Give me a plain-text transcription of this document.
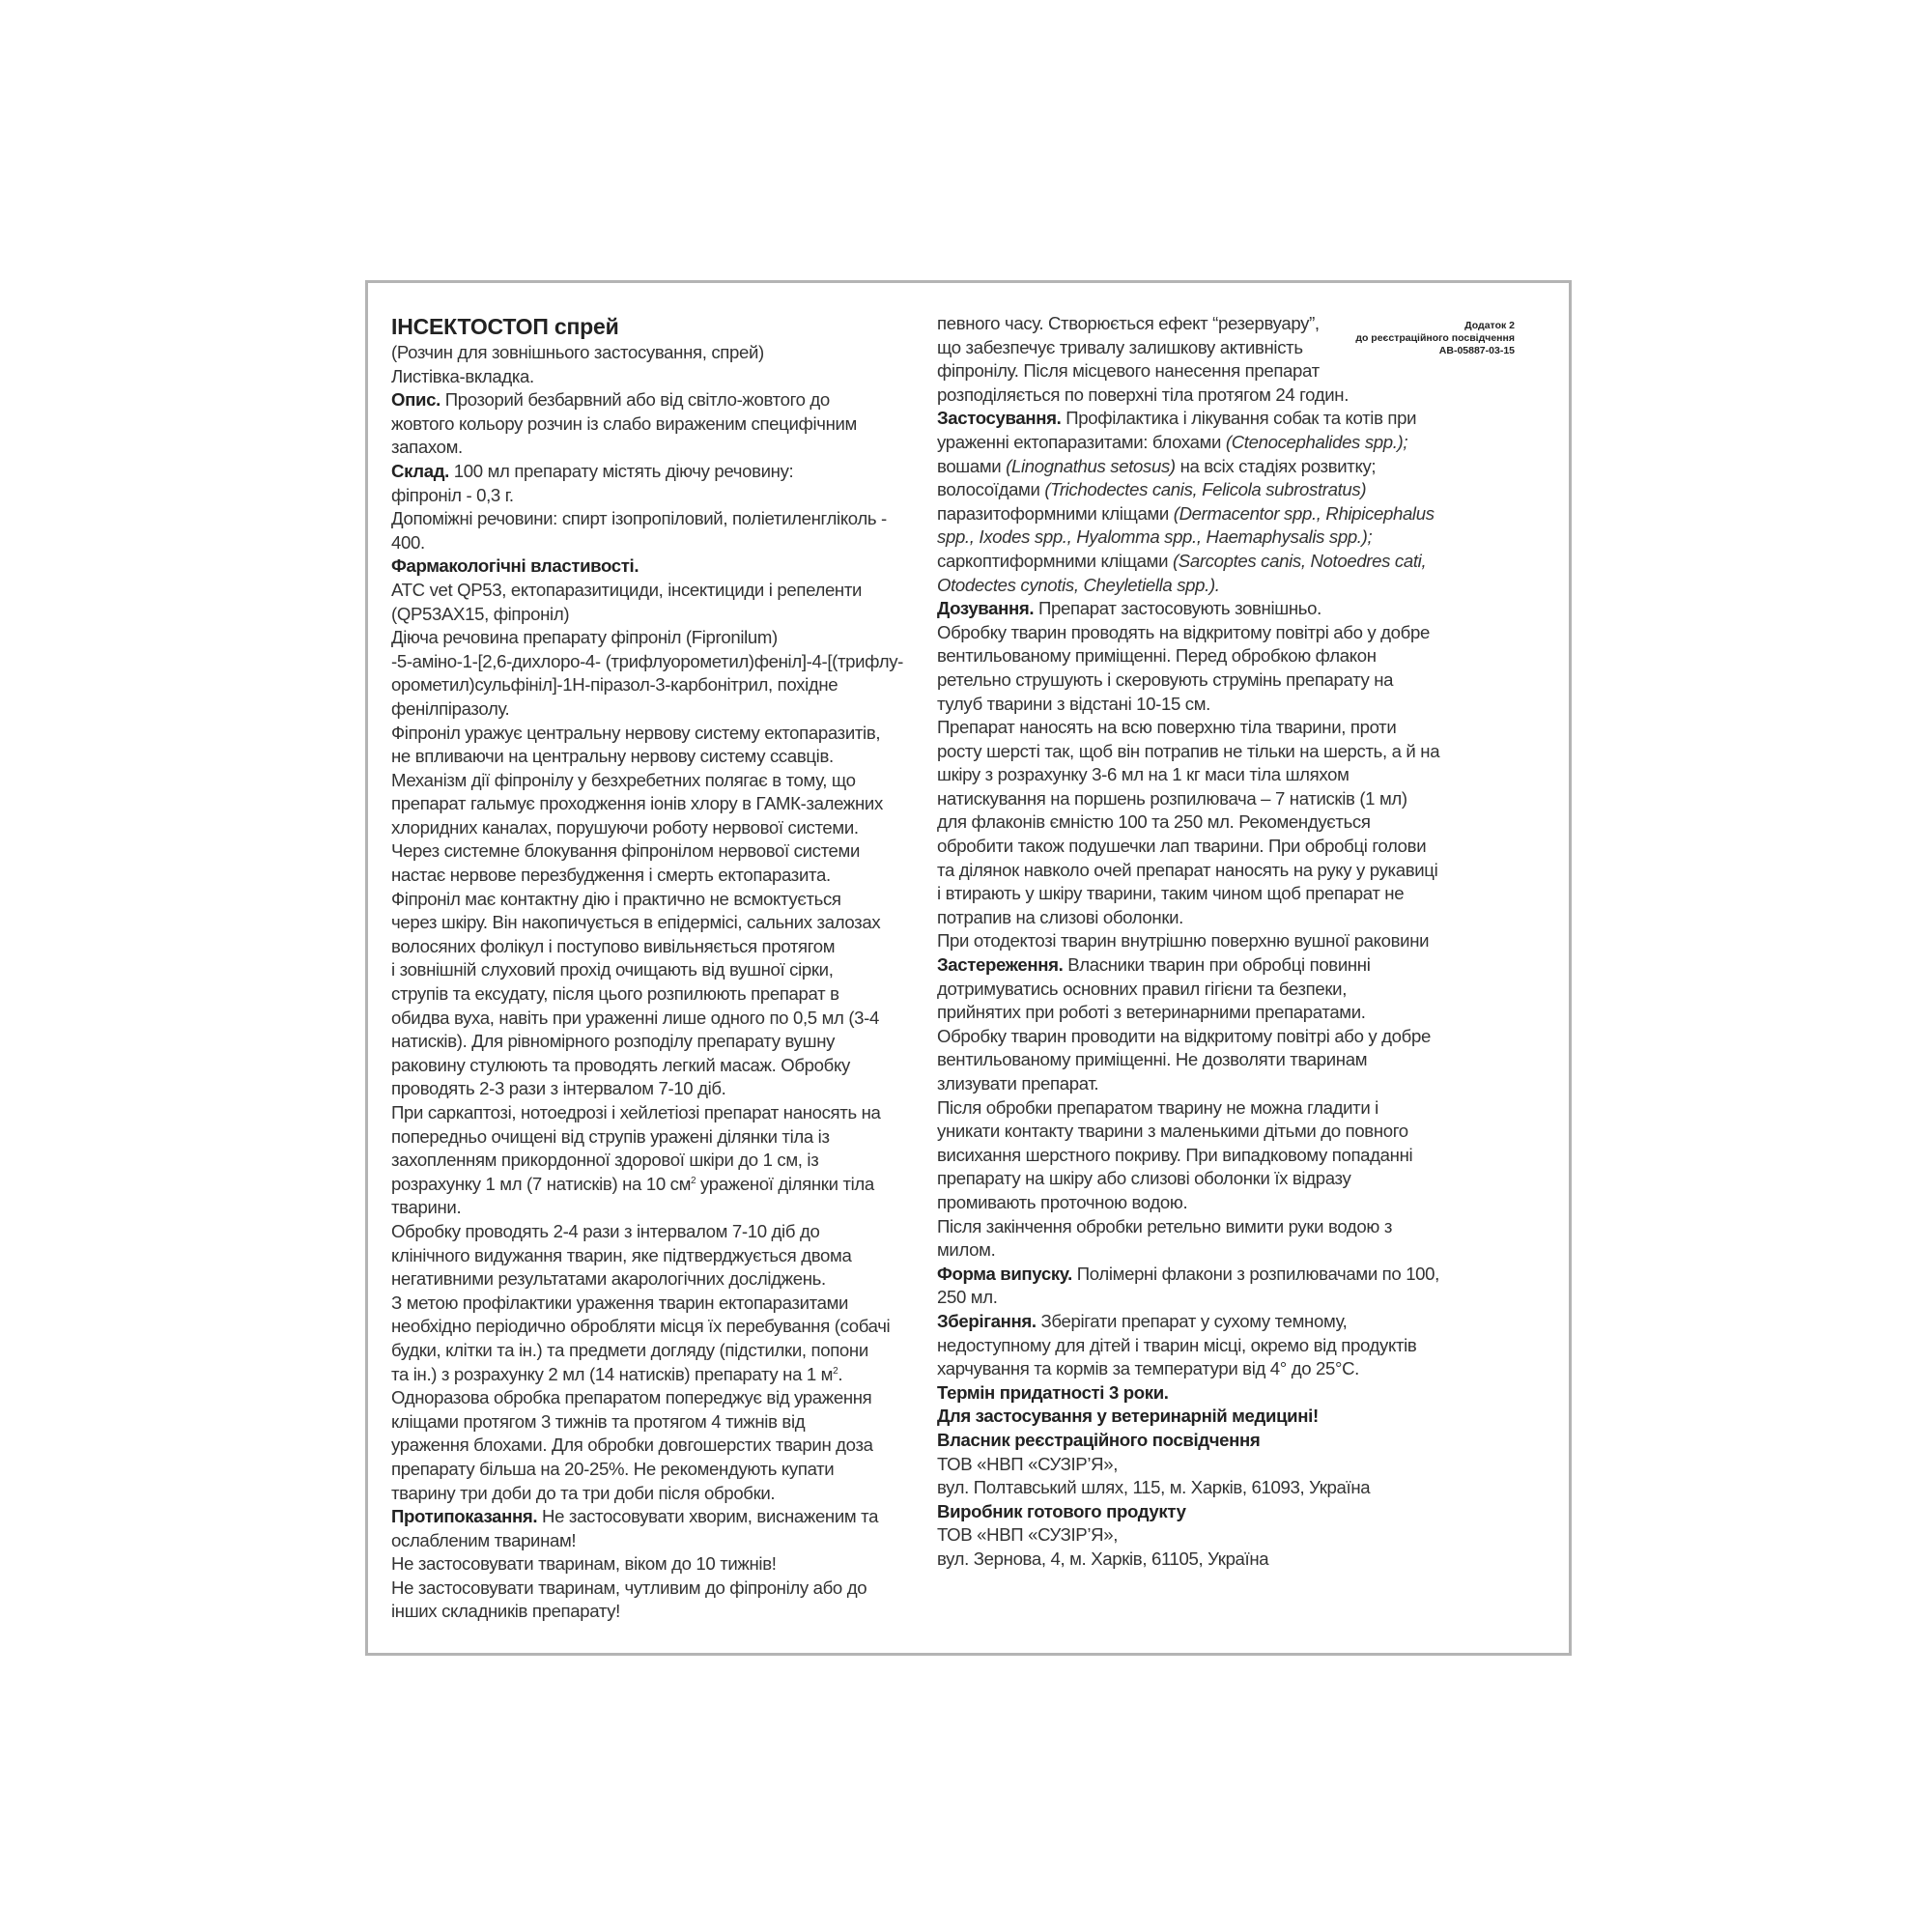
Додаток 2
до реєстраційного посвідчення
АВ-05887-03-15
ІНСЕКТОСТОП спрей
(Розчин для зовнішнього застосування, спрей)
Листівка-вкладка.
Опис. Прозорий безбарвний або від світло-жовтого до
жовтого кольору розчин із слабо вираженим специфічним
запахом.
Склад. 100 мл препарату містять діючу речовину:
фіпроніл - 0,3 г.
Допоміжні речовини: спирт ізопропіловий, поліетиленгліколь -
400.
Фармакологічні властивості.
ATC vet QP53, ектопаразитициди, інсектициди і репеленти
(QP53AX15, фіпроніл)
Діюча речовина препарату фіпроніл (Fipronilum)
-5-аміно-1-[2,6-дихлоро-4- (трифлуорометил)феніл]-4-[(трифлу-
орометил)сульфініл]-1Н-піразол-3-карбонітрил, похідне
фенілпіразолу.
Фіпроніл уражує центральну нервову систему ектопаразитів,
не впливаючи на центральну нервову систему ссавців.
Механізм дії фіпронілу у безхребетних полягає в тому, що
препарат гальмує проходження іонів хлору в ГАМК-залежних
хлоридних каналах, порушуючи роботу нервової системи.
Через системне блокування фіпронілом нервової системи
настає нервове перезбудження і смерть ектопаразита.
Фіпроніл має контактну дію і практично не всмоктується
через шкіру. Він накопичується в епідермісі, сальних залозах
волосяних фолікул і поступово вивільняється протягом
і зовнішній слуховий прохід очищають від вушної сірки,
струпів та ексудату, після цього розпилюють препарат в
обидва вуха, навіть при ураженні лише одного по 0,5 мл (3-4
натисків). Для рівномірного розподілу препарату вушну
раковину стулюють та проводять легкий масаж. Обробку
проводять 2-3 рази з інтервалом 7-10 діб.
При саркаптозі, нотоедрозі і хейлетіозі препарат наносять на
попередньо очищені від струпів уражені ділянки тіла із
захопленням прикордонної здорової шкіри до 1 см, із
розрахунку 1 мл (7 натисків) на 10 $см^2$ ураженої ділянки тіла
тварини.
Обробку проводять 2-4 рази з інтервалом 7-10 діб до
клінічного видужання тварин, яке підтверджується двома
негативними результатами акарологічних досліджень.
З метою профілактики ураження тварин ектопаразитами
необхідно періодично обробляти місця їх перебування (собачі
будки, клітки та ін.) та предмети догляду (підстилки, попони
та ін.) з розрахунку 2 мл (14 натисків) препарату на 1 $м^2$.
Одноразова обробка препаратом попереджує від ураження
кліщами протягом 3 тижнів та протягом 4 тижнів від
ураження блохами. Для обробки довгошерстих тварин доза
препарату більша на 20-25%. Не рекомендують купати
тварину три доби до та три доби після обробки.
Протипоказання. Не застосовувати хворим, виснаженим та
ослабленим тваринам!
Не застосовувати тваринам, віком до 10 тижнів!
Не застосовувати тваринам, чутливим до фіпронілу або до
інших складників препарату!
певного часу. Створюється ефект “резервуару”,
що забезпечує тривалу залишкову активність
фіпронілу. Після місцевого нанесення препарат
розподіляється по поверхні тіла протягом 24 годин.
Застосування. Профілактика і лікування собак та котів при
ураженні ектопаразитами: блохами (Ctenocephalides spp.);
вошами (Linognathus setosus) на всіх стадіях розвитку;
волосоїдами (Trichodectes canis, Felicola subrostratus)
паразитоформними кліщами (Dermacentor spp., Rhipicephalus
spp., Ixodes spp., Hyalomma spp., Haemaphysalis spp.);
саркоптиформними кліщами (Sarcoptes canis, Notoedres cati,
Otodectes cynotis, Cheyletiella spp.).
Дозування. Препарат застосовують зовнішньо.
Обробку тварин проводять на відкритому повітрі або у добре
вентильованому приміщенні. Перед обробкою флакон
ретельно струшують і скеровують струмінь препарату на
тулуб тварини з відстані 10-15 см.
Препарат наносять на всю поверхню тіла тварини, проти
росту шерсті так, щоб він потрапив не тільки на шерсть, а й на
шкіру з розрахунку 3-6 мл на 1 кг маси тіла шляхом
натискування на поршень розпилювача – 7 натисків (1 мл)
для флаконів ємністю 100 та 250 мл. Рекомендується
обробити також подушечки лап тварини. При обробці голови
та ділянок навколо очей препарат наносять на руку у рукавиці
і втирають у шкіру тварини, таким чином щоб препарат не
потрапив на слизові оболонки.
При отодектозі тварин внутрішню поверхню вушної раковини
Застереження. Власники тварин при обробці повинні
дотримуватись основних правил гігієни та безпеки,
прийнятих при роботі з ветеринарними препаратами.
Обробку тварин проводити на відкритому повітрі або у добре
вентильованому приміщенні. Не дозволяти тваринам
злизувати препарат.
Після обробки препаратом тварину не можна гладити і
уникати контакту тварини з маленькими дітьми до повного
висихання шерстного покриву. При випадковому попаданні
препарату на шкіру або слизові оболонки їх відразу
промивають проточною водою.
Після закінчення обробки ретельно вимити руки водою з
милом.
Форма випуску. Полімерні флакони з розпилювачами по 100,
250 мл.
Зберігання. Зберігати препарат у сухому темному,
недоступному для дітей і тварин місці, окремо від продуктів
харчування та кормів за температури від 4° до 25°С.
Термін придатності 3 роки.
Для застосування у ветеринарній медицині!
Власник реєстраційного посвідчення
ТОВ «НВП «СУЗІР’Я»,
вул. Полтавський шлях, 115, м. Харків, 61093, Україна
Виробник готового продукту
ТОВ «НВП «СУЗІР’Я»,
вул. Зернова, 4, м. Харків, 61105, Україна
